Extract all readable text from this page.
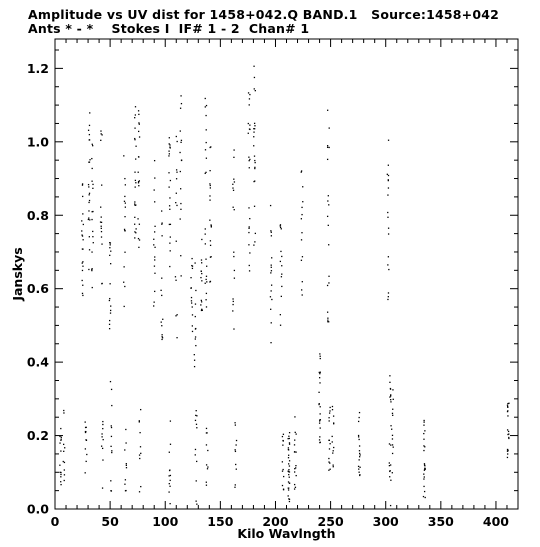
Amplitude vs UV dist for 1458+042.Q BAND.1   Source:1458+042
Ants * - *    Stokes I  IF# 1 - 2  Chan# 1
0	50	100 150 200 250 300 350 400
0.0
0.2
0.4
0.6
0.8
1.0
1.2
Kilo Wavlngth
Janskys
